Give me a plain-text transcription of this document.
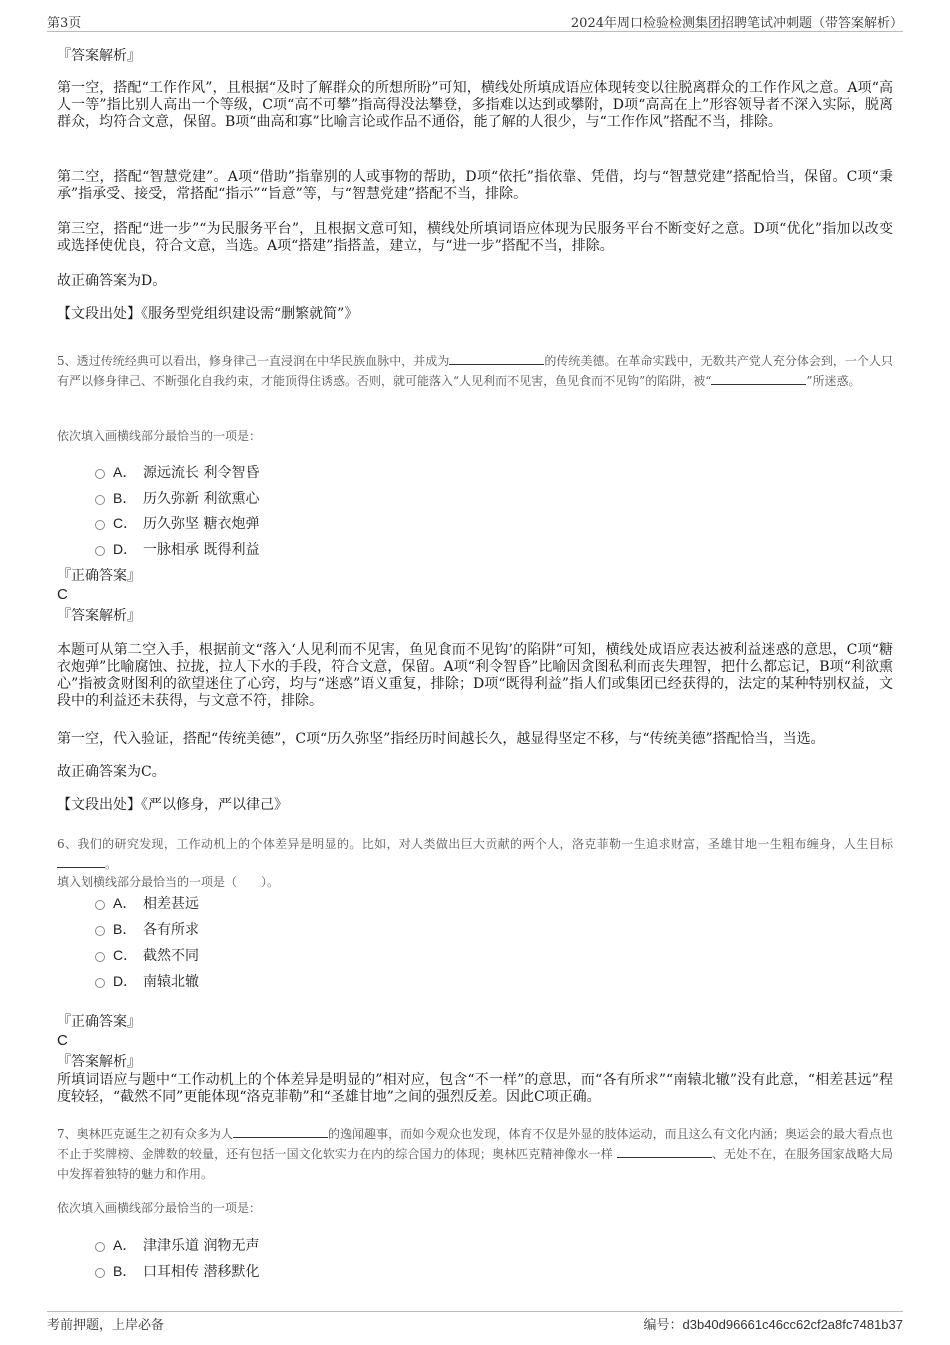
第3页	2024年周口检验检测集团招聘笔试冲刺题（带答案解析）
『答案解析』
第一空，搭配“工作作风”，且根据“及时了解群众的所想所盼”可知，横线处所填成语应体现转变以往脱离群众的工作作风之意。A项“高人一等”指比别人高出一个等级，C项“高不可攀”指高得没法攀登，多指难以达到或攀附，D项“高高在上”形容领导者不深入实际，脱离群众，均符合文意，保留。B项“曲高和寡”比喻言论或作品不通俗，能了解的人很少，与“工作作风”搭配不当，排除。
第二空，搭配“智慧党建”。A项“借助”指靠别的人或事物的帮助，D项“依托”指依靠、凭借，均与“智慧党建”搭配恰当，保留。C项“秉承”指承受、接受，常搭配“指示”“旨意”等，与“智慧党建”搭配不当，排除。
第三空，搭配“进一步”“为民服务平台”，且根据文意可知，横线处所填词语应体现为民服务平台不断变好之意。D项“优化”指加以改变或选择使优良，符合文意，当选。A项“搭建”指搭盖，建立，与“进一步”搭配不当，排除。
故正确答案为D。
【文段出处】《服务型党组织建设需“删繁就简”》
5、透过传统经典可以看出，修身律己一直浸润在中华民族血脉中，并成为	的传统美德。在革命实践中，无数共产党人充分体会到，一个人只有严以修身律己、不断强化自我约束，才能顶得住诱惑。否则，就可能落入“人见利而不见害，鱼见食而不见钩”的陷阱，被“	”所迷惑。
依次填入画横线部分最恰当的一项是：
A． 源远流长 利令智昏
B． 历久弥新 利欲熏心
C． 历久弥坚 糖衣炮弹
D． 一脉相承 既得利益
『正确答案』
C
『答案解析』
本题可从第二空入手，根据前文“落入‘人见利而不见害，鱼见食而不见钩’的陷阱”可知，横线处成语应表达被利益迷惑的意思，C项“糖衣炮弹”比喻腐蚀、拉拢，拉人下水的手段，符合文意，保留。A项“利令智昏”比喻因贪图私利而丧失理智，把什么都忘记，B项“利欲熏心”指被贪财图利的欲望迷住了心窍，均与“迷惑”语义重复，排除；D项“既得利益”指人们或集团已经获得的，法定的某种特别权益，文段中的利益还未获得，与文意不符，排除。
第一空，代入验证，搭配“传统美德”，C项“历久弥坚”指经历时间越长久，越显得坚定不移，与“传统美德”搭配恰当，当选。
故正确答案为C。
【文段出处】《严以修身，严以律己》
6、我们的研究发现，工作动机上的个体差异是明显的。比如，对人类做出巨大贡献的两个人，洛克菲勒一生追求财富，圣雄甘地一生粗布缠身，人生目标。
填入划横线部分最恰当的一项是（　　）。
A． 相差甚远
B． 各有所求
C． 截然不同
D． 南辕北辙
『正确答案』
C
『答案解析』
所填词语应与题中“工作动机上的个体差异是明显的”相对应，包含“不一样”的意思，而“各有所求”“南辕北辙”没有此意，“相差甚远”程度较轻，“截然不同”更能体现“洛克菲勒”和“圣雄甘地”之间的强烈反差。因此C项正确。
7、奥林匹克诞生之初有众多为人	的逸闻趣事，而如今观众也发现，体育不仅是外显的肢体运动，而且这么有文化内涵；奥运会的最大看点也不止于奖牌榜、金牌数的较量，还有包括一国文化软实力在内的综合国力的体现；奥林匹克精神像水一样	、无处不在，在服务国家战略大局中发挥着独特的魅力和作用。
依次填入画横线部分最恰当的一项是：
A． 津津乐道 润物无声
B． 口耳相传 潜移默化
考前押题，上岸必备	编号：d3b40d96661c46cc62cf2a8fc7481b37
